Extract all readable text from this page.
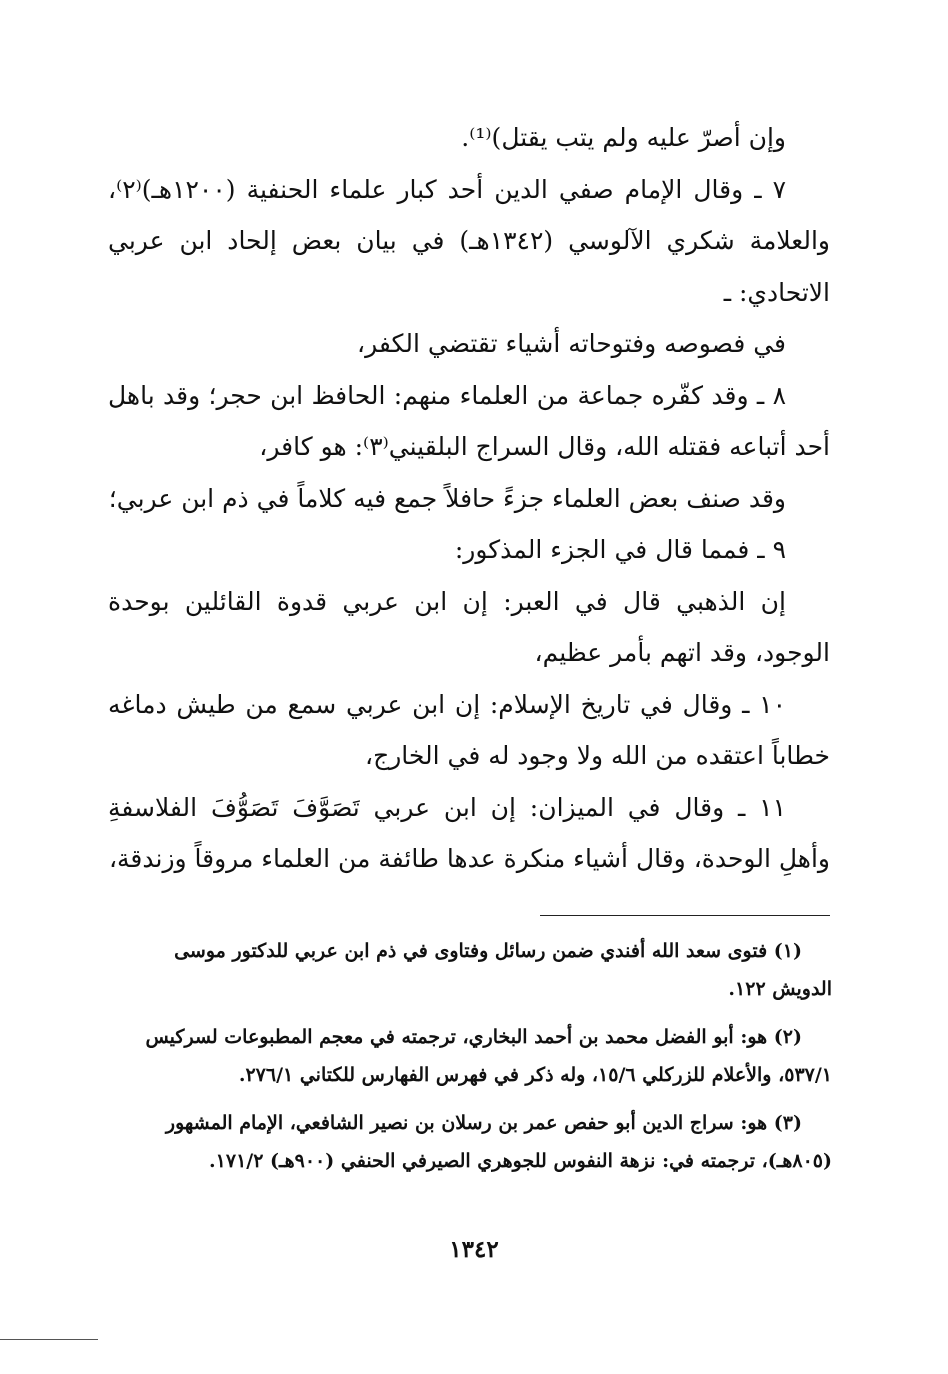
وإن أصرّ عليه ولم يتب يقتل)⁽¹⁾.

٧ ـ وقال الإمام صفي الدين أحد كبار علماء الحنفية (١٢٠٠هـ)⁽٢⁾، والعلامة شكري الآلوسي (١٣٤٢هـ) في بيان بعض إلحاد ابن عربي الاتحادي: ـ

في فصوصه وفتوحاته أشياء تقتضي الكفر،

٨ ـ وقد كفّره جماعة من العلماء منهم: الحافظ ابن حجر؛ وقد باهل أحد أتباعه فقتله الله، وقال السراج البلقيني⁽٣⁾: هو كافر،

وقد صنف بعض العلماء جزءً حافلاً جمع فيه كلاماً في ذم ابن عربي؛

٩ ـ فمما قال في الجزء المذكور:

إن الذهبي قال في العبر: إن ابن عربي قدوة القائلين بوحدة الوجود، وقد اتهم بأمر عظيم،

١٠ ـ وقال في تاريخ الإسلام: إن ابن عربي سمع من طيش دماغه خطاباً اعتقده من الله ولا وجود له في الخارج،

١١ ـ وقال في الميزان: إن ابن عربي تَصَوَّفَ تَصَوُّفَ الفلاسفةِ وأهلِ الوحدة، وقال أشياء منكرة عدها طائفة من العلماء مروقاً وزندقة،

(١) فتوى سعد الله أفندي ضمن رسائل وفتاوى في ذم ابن عربي للدكتور موسى الدويش ١٢٢.

(٢) هو: أبو الفضل محمد بن أحمد البخاري، ترجمته في معجم المطبوعات لسركيس ٥٣٧/١، والأعلام للزركلي ١٥/٦، وله ذكر في فهرس الفهارس للكتاني ٢٧٦/١.

(٣) هو: سراج الدين أبو حفص عمر بن رسلان بن نصير الشافعي، الإمام المشهور (٨٠٥هـ)، ترجمته في: نزهة النفوس للجوهري الصيرفي الحنفي (٩٠٠هـ) ١٧١/٢.

١٣٤٢
